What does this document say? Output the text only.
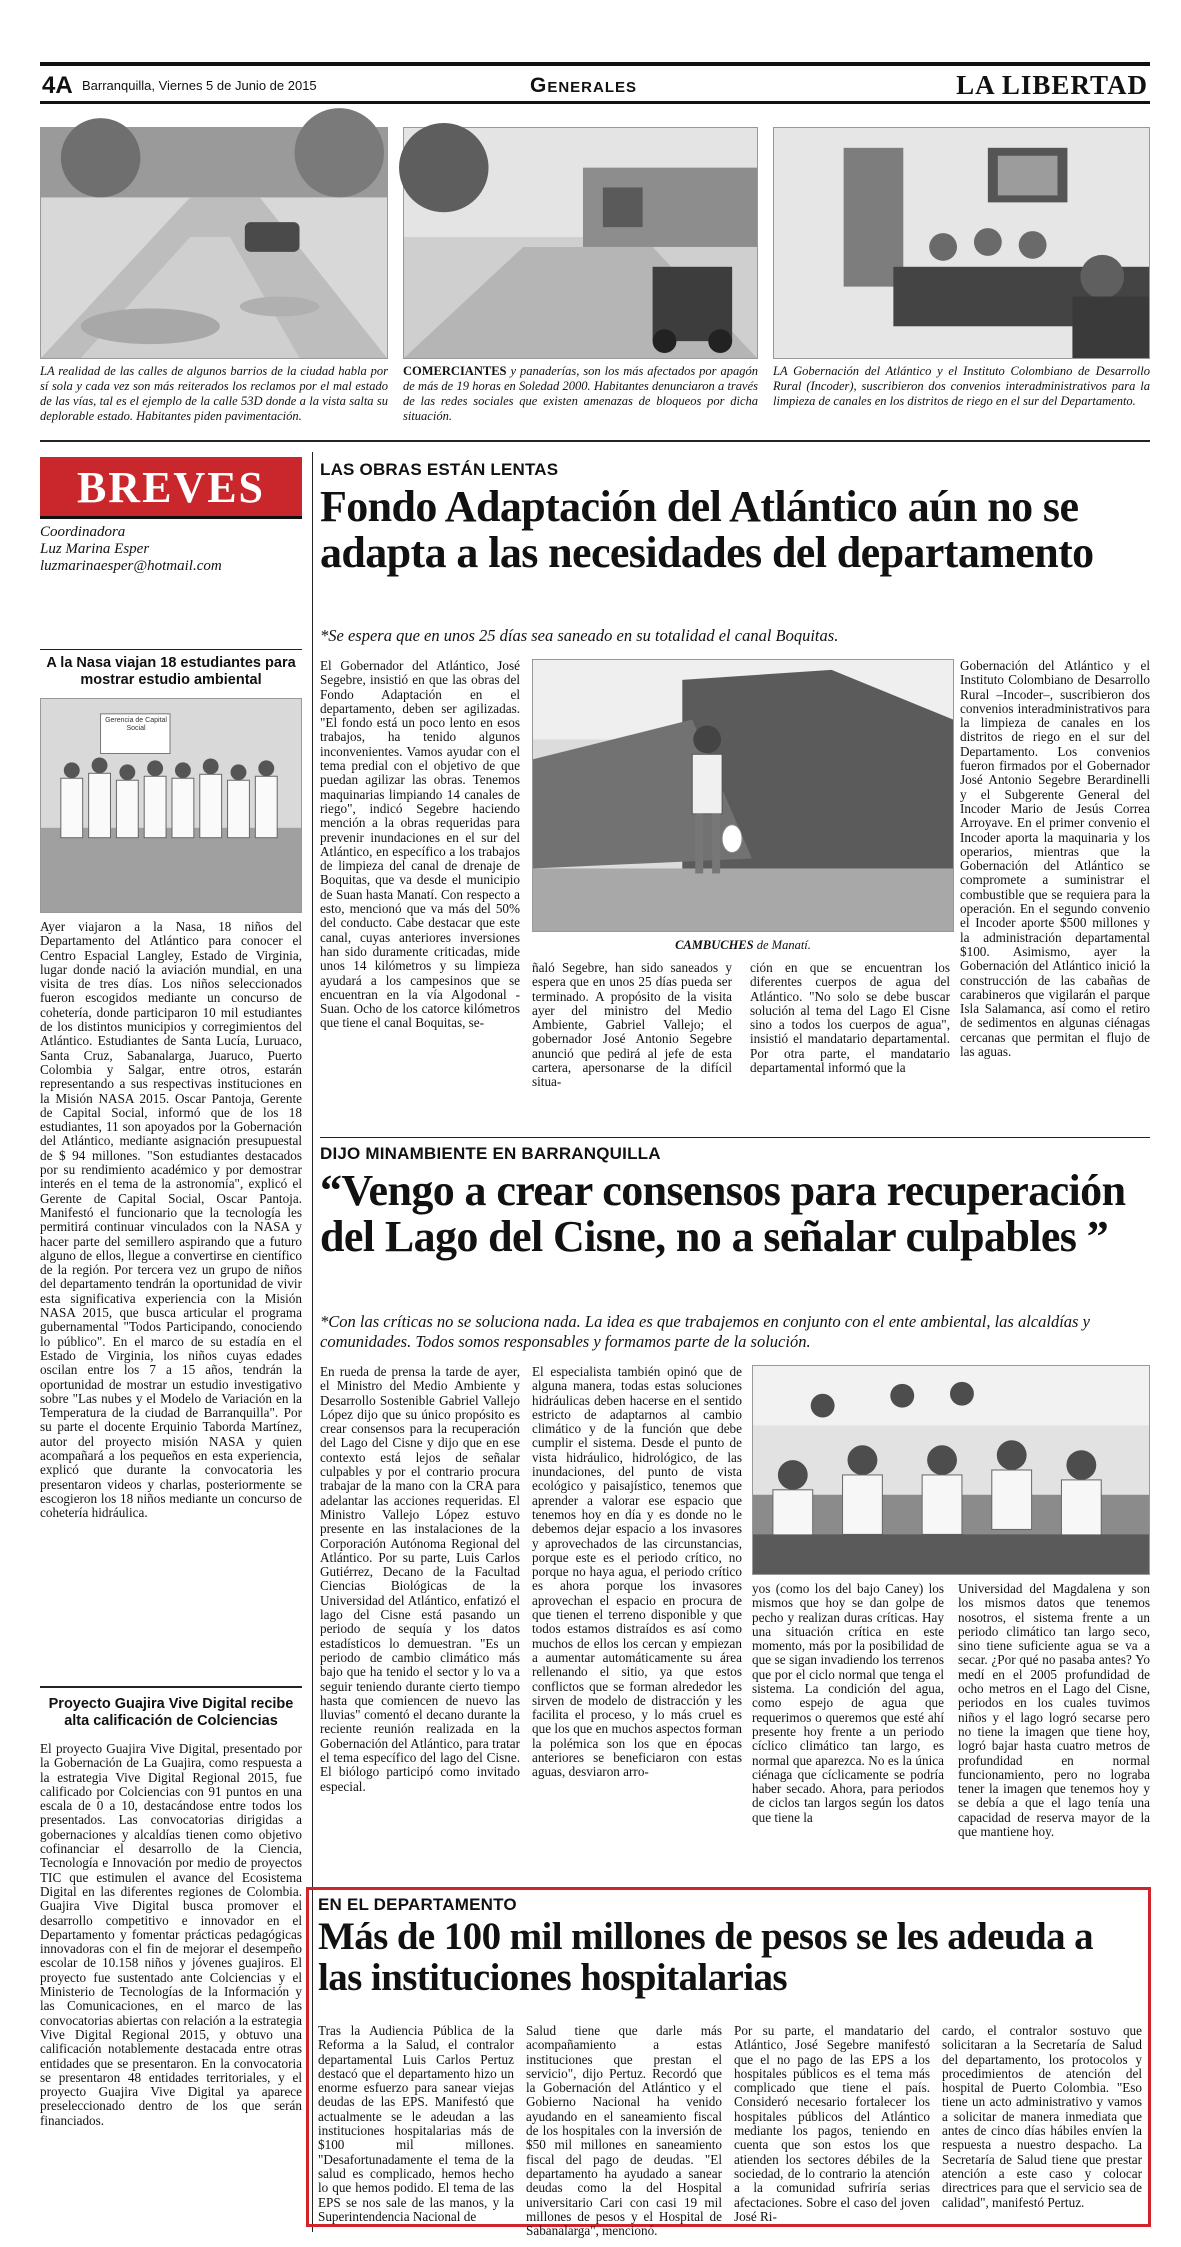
4A Barranquilla, Viernes 5 de Junio de 2015	Generales	LA LIBERTAD
LA realidad de las calles de algunos barrios de la ciudad habla por sí sola y cada vez son más reiterados los reclamos por el mal estado de las vías, tal es el ejemplo de la calle 53D donde a la vista salta su deplorable estado. Habitantes piden pavimentación.
COMERCIANTES y panaderías, son los más afectados por apagón de más de 19 horas en Soledad 2000. Habitantes denunciaron a través de las redes sociales que existen amenazas de bloqueos por dicha situación.
LA Gobernación del Atlántico y el Instituto Colombiano de Desarrollo Rural (Incoder), suscribieron dos convenios interadministrativos para la limpieza de canales en los distritos de riego en el sur del Departamento.
BREVES
Coordinadora
Luz Marina Esper
luzmarinaesper@hotmail.com
A la Nasa viajan 18 estudiantes para mostrar estudio ambiental
Gerencia de Capital Social
Ayer viajaron a la Nasa, 18 niños del Departamento del Atlántico para conocer el Centro Espacial Langley, Estado de Virginia, lugar donde nació la aviación mundial, en una visita de tres días. Los niños seleccionados fueron escogidos mediante un concurso de cohetería, donde participaron 10 mil estudiantes de los distintos municipios y corregimientos del Atlántico. Estudiantes de Santa Lucía, Luruaco, Santa Cruz, Sabanalarga, Juaruco, Puerto Colombia y Salgar, entre otros, estarán representando a sus respectivas instituciones en la Misión NASA 2015. Oscar Pantoja, Gerente de Capital Social, informó que de los 18 estudiantes, 11 son apoyados por la Gobernación del Atlántico, mediante asignación presupuestal de $ 94 millones. "Son estudiantes destacados por su rendimiento académico y por demostrar interés en el tema de la astronomía", explicó el Gerente de Capital Social, Oscar Pantoja. Manifestó el funcionario que la tecnología les permitirá continuar vinculados con la NASA y hacer parte del semillero aspirando que a futuro alguno de ellos, llegue a convertirse en científico de la región. Por tercera vez un grupo de niños del departamento tendrán la oportunidad de vivir esta significativa experiencia con la Misión NASA 2015, que busca articular el programa gubernamental "Todos Participando, conociendo lo público". En el marco de su estadía en el Estado de Virginia, los niños cuyas edades oscilan entre los 7 a 15 años, tendrán la oportunidad de mostrar un estudio investigativo sobre "Las nubes y el Modelo de Variación en la Temperatura de la ciudad de Barranquilla". Por su parte el docente Erquinio Taborda Martínez, autor del proyecto misión NASA y quien acompañará a los pequeños en esta experiencia, explicó que durante la convocatoria les presentaron videos y charlas, posteriormente se escogieron los 18 niños mediante un concurso de cohetería hidráulica.
Proyecto Guajira Vive Digital recibe alta calificación de Colciencias
El proyecto Guajira Vive Digital, presentado por la Gobernación de La Guajira, como respuesta a la estrategia Vive Digital Regional 2015, fue calificado por Colciencias con 91 puntos en una escala de 0 a 10, destacándose entre todos los presentados. Las convocatorias dirigidas a gobernaciones y alcaldías tienen como objetivo cofinanciar el desarrollo de la Ciencia, Tecnología e Innovación por medio de proyectos TIC que estimulen el avance del Ecosistema Digital en las diferentes regiones de Colombia. Guajira Vive Digital busca promover el desarrollo competitivo e innovador en el Departamento y fomentar prácticas pedagógicas innovadoras con el fin de mejorar el desempeño escolar de 10.158 niños y jóvenes guajiros. El proyecto fue sustentado ante Colciencias y el Ministerio de Tecnologías de la Información y las Comunicaciones, en el marco de las convocatorias abiertas con relación a la estrategia Vive Digital Regional 2015, y obtuvo una calificación notablemente destacada entre otras entidades que se presentaron. En la convocatoria se presentaron 48 entidades territoriales, y el proyecto Guajira Vive Digital ya aparece preseleccionado dentro de los que serán financiados.
LAS OBRAS ESTÁN LENTAS
Fondo Adaptación del Atlántico aún no se adapta a las necesidades del departamento
*Se espera que en unos 25 días sea saneado en su totalidad el canal Boquitas.
El Gobernador del Atlántico, José Segebre, insistió en que las obras del Fondo Adaptación en el departamento, deben ser agilizadas. "El fondo está un poco lento en esos trabajos, ha tenido algunos inconvenientes. Vamos ayudar con el tema predial con el objetivo de que puedan agilizar las obras. Tenemos maquinarias limpiando 14 canales de riego", indicó Segebre haciendo mención a la obras requeridas para prevenir inundaciones en el sur del Atlántico, en específico a los trabajos de limpieza del canal de drenaje de Boquitas, que va desde el municipio de Suan hasta Manatí. Con respecto a esto, mencionó que va más del 50% del conducto. Cabe destacar que este canal, cuyas anteriores inversiones han sido duramente criticadas, mide unos 14 kilómetros y su limpieza ayudará a los campesinos que se encuentran en la vía Algodonal -Suan. Ocho de los catorce kilómetros que tiene el canal Boquitas, se-
CAMBUCHES de Manatí.
ñaló Segebre, han sido saneados y espera que en unos 25 días pueda ser terminado. A propósito de la visita ayer del ministro del Medio Ambiente, Gabriel Vallejo; el gobernador José Antonio Segebre anunció que pedirá al jefe de esta cartera, apersonarse de la difícil situa-
ción en que se encuentran los diferentes cuerpos de agua del Atlántico. "No solo se debe buscar solución al tema del Lago El Cisne sino a todos los cuerpos de agua", insistió el mandatario departamental. Por otra parte, el mandatario departamental informó que la
Gobernación del Atlántico y el Instituto Colombiano de Desarrollo Rural –Incoder–, suscribieron dos convenios interadministrativos para la limpieza de canales en los distritos de riego en el sur del Departamento. Los convenios fueron firmados por el Gobernador José Antonio Segebre Berardinelli y el Subgerente General del Incoder Mario de Jesús Correa Arroyave. En el primer convenio el Incoder aporta la maquinaria y los operarios, mientras que la Gobernación del Atlántico se compromete a suministrar el combustible que se requiera para la operación. En el segundo convenio el Incoder aporte $500 millones y la administración departamental $100. Asimismo, ayer la Gobernación del Atlántico inició la construcción de las cabañas de carabineros que vigilarán el parque Isla Salamanca, así como el retiro de sedimentos en algunas ciénagas cercanas que permitan el flujo de las aguas.
DIJO MINAMBIENTE EN BARRANQUILLA
“Vengo a crear consensos para recuperación del Lago del Cisne, no a señalar culpables ”
*Con las críticas no se soluciona nada. La idea es que trabajemos en conjunto con el ente ambiental, las alcaldías y comunidades. Todos somos responsables y formamos parte de la solución.
En rueda de prensa la tarde de ayer, el Ministro del Medio Ambiente y Desarrollo Sostenible Gabriel Vallejo López dijo que su único propósito es crear consensos para la recuperación del Lago del Cisne y dijo que en ese contexto está lejos de señalar culpables y por el contrario procura trabajar de la mano con la CRA para adelantar las acciones requeridas. El Ministro Vallejo López estuvo presente en las instalaciones de la Corporación Autónoma Regional del Atlántico. Por su parte, Luis Carlos Gutiérrez, Decano de la Facultad Ciencias Biológicas de la Universidad del Atlántico, enfatizó el lago del Cisne está pasando un periodo de sequía y los datos estadísticos lo demuestran. "Es un periodo de cambio climático más bajo que ha tenido el sector y lo va a seguir teniendo durante cierto tiempo hasta que comiencen de nuevo las lluvias" comentó el decano durante la reciente reunión realizada en la Gobernación del Atlántico, para tratar el tema específico del lago del Cisne. El biólogo participó como invitado especial.
El especialista también opinó que de alguna manera, todas estas soluciones hidráulicas deben hacerse en el sentido estricto de adaptarnos al cambio climático y de la función que debe cumplir el sistema. Desde el punto de vista hidráulico, hidrológico, de las inundaciones, del punto de vista ecológico y paisajístico, tenemos que aprender a valorar ese espacio que tenemos hoy en día y es donde no le debemos dejar espacio a los invasores y aprovechados de las circunstancias, porque este es el periodo crítico, no porque no haya agua, el periodo crítico es ahora porque los invasores aprovechan el espacio en procura de que tienen el terreno disponible y que todos estamos distraídos es así como muchos de ellos los cercan y empiezan a aumentar automáticamente su área rellenando el sitio, ya que estos conflictos que se forman alrededor les sirven de modelo de distracción y les facilita el proceso, y lo más cruel es que los que en muchos aspectos forman la polémica son los que en épocas anteriores se beneficiaron con estas aguas, desviaron arro-
yos (como los del bajo Caney) los mismos que hoy se dan golpe de pecho y realizan duras críticas. Hay una situación crítica en este momento, más por la posibilidad de que se sigan invadiendo los terrenos que por el ciclo normal que tenga el sistema. La condición del agua, como espejo de agua que requerimos o queremos que esté ahí presente hoy frente a un periodo cíclico climático tan largo, es normal que aparezca. No es la única ciénaga que cíclicamente se podría haber secado. Ahora, para periodos de ciclos tan largos según los datos que tiene la
Universidad del Magdalena y son los mismos datos que tenemos nosotros, el sistema frente a un periodo climático tan largo seco, sino tiene suficiente agua se va a secar. ¿Por qué no pasaba antes? Yo medí en el 2005 profundidad de ocho metros en el Lago del Cisne, periodos en los cuales tuvimos niños y el lago logró secarse pero no tiene la imagen que tiene hoy, logró bajar hasta cuatro metros de profundidad en normal funcionamiento, pero no lograba tener la imagen que tenemos hoy y se debía a que el lago tenía una capacidad de reserva mayor de la que mantiene hoy.
EN EL DEPARTAMENTO
Más de 100 mil millones de pesos se les adeuda a las instituciones hospitalarias
Tras la Audiencia Pública de la Reforma a la Salud, el contralor departamental Luis Carlos Pertuz destacó que el departamento hizo un enorme esfuerzo para sanear viejas deudas de las EPS. Manifestó que actualmente se le adeudan a las instituciones hospitalarias más de $100 mil millones. "Desafortunadamente el tema de la salud es complicado, hemos hecho lo que hemos podido. El tema de las EPS se nos sale de las manos, y la Superintendencia Nacional de
Salud tiene que darle más acompañamiento a estas instituciones que prestan el servicio", dijo Pertuz. Recordó que la Gobernación del Atlántico y el Gobierno Nacional ha venido ayudando en el saneamiento fiscal de los hospitales con la inversión de $50 mil millones en saneamiento fiscal del pago de deudas. "El departamento ha ayudado a sanear deudas como la del Hospital universitario Cari con casi 19 mil millones de pesos y el Hospital de Sabanalarga", mencionó.
Por su parte, el mandatario del Atlántico, José Segebre manifestó que el no pago de las EPS a los hospitales públicos es el tema más complicado que tiene el país. Consideró necesario fortalecer los hospitales públicos del Atlántico mediante los pagos, teniendo en cuenta que son estos los que atienden los sectores débiles de la sociedad, de lo contrario la atención a la comunidad sufriría serias afectaciones. Sobre el caso del joven José Ri-
cardo, el contralor sostuvo que solicitaran a la Secretaría de Salud del departamento, los protocolos y procedimientos de atención del hospital de Puerto Colombia. "Eso tiene un acto administrativo y vamos a solicitar de manera inmediata que antes de cinco días hábiles envíen la respuesta a nuestro despacho. La Secretaría de Salud tiene que prestar atención a este caso y colocar directrices para que el servicio sea de calidad", manifestó Pertuz.
